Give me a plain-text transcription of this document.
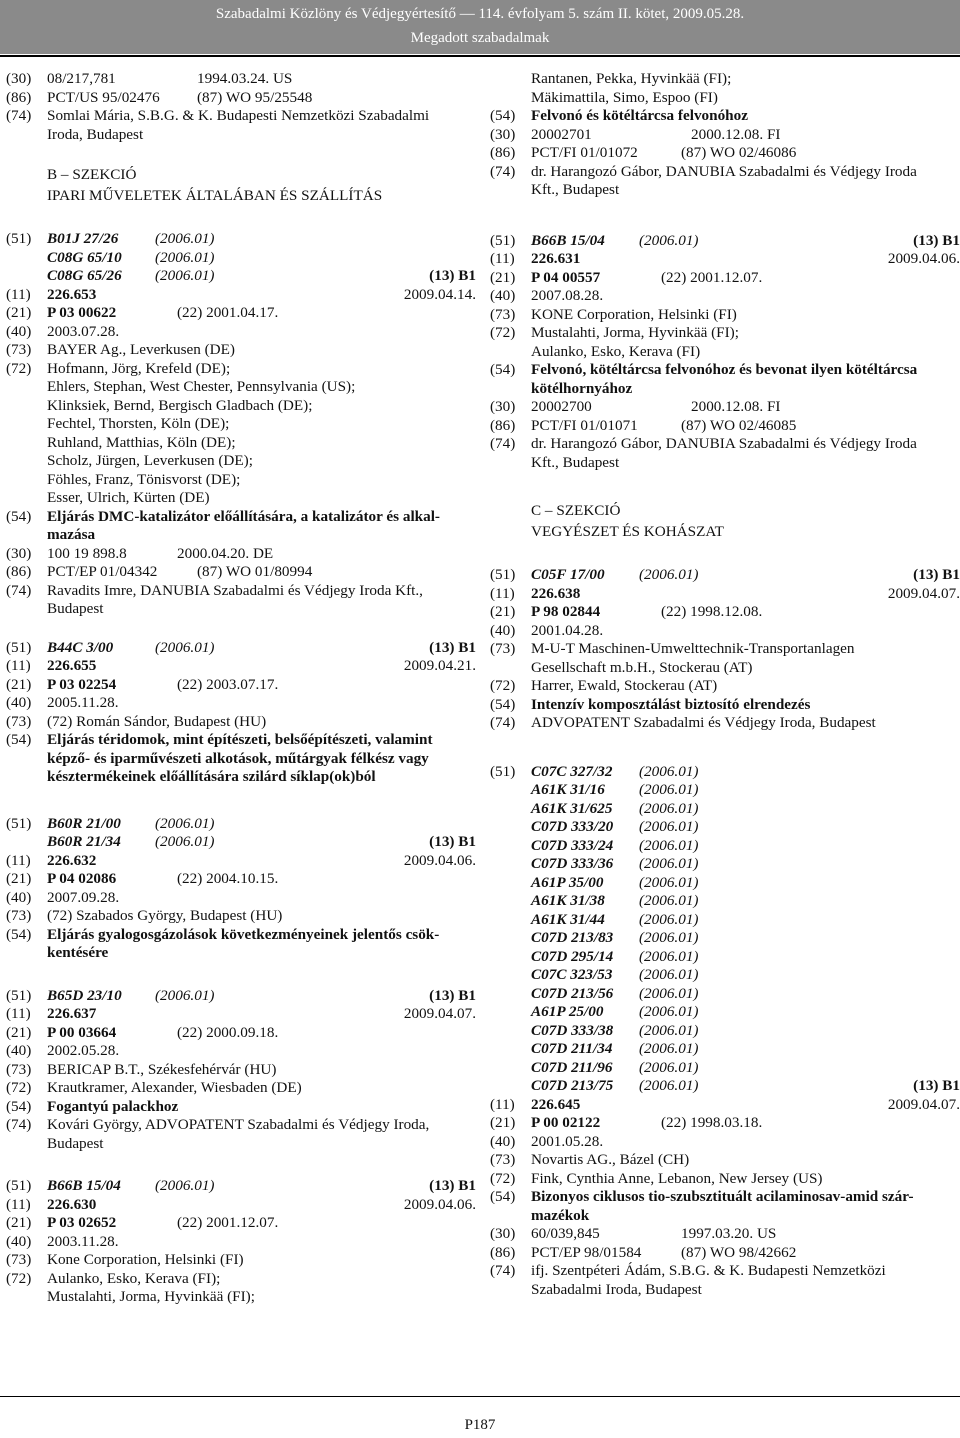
Szabadalmi Közlöny és Védjegyértesítő — 114. évfolyam 5. szám II. kötet, 2009.05.28.
Megadott szabadalmak
(30)	08/217,781	1994.03.24. US
(86)	PCT/US 95/02476 (87) WO 95/25548
(74)	Somlai Mária, S.B.G. & K. Budapesti Nemzetközi Szabadalmi
Iroda, Budapest
B – SZEKCIÓ
IPARI MŰVELETEK ÁLTALÁBAN ÉS SZÁLLÍTÁS
(51)	B01J 27/26	(2006.01)
C08G 65/10	(2006.01)
C08G 65/26	(2006.01)	(13) B1
(11)	226.653	2009.04.14.
(21)	P 03 00622	(22) 2001.04.17.
(40)	2003.07.28.
(73)	BAYER Ag., Leverkusen (DE)
(72)	Hofmann, Jörg, Krefeld (DE);
Ehlers, Stephan, West Chester, Pennsylvania (US);
Klinksiek, Bernd, Bergisch Gladbach (DE);
Fechtel, Thorsten, Köln (DE);
Ruhland, Matthias, Köln (DE);
Scholz, Jürgen, Leverkusen (DE);
Föhles, Franz, Tönisvorst (DE);
Esser, Ulrich, Kürten (DE)
(54)	Eljárás DMC-katalizátor előállítására, a katalizátor és alkal-
mazása
(30)	100 19 898.8	2000.04.20. DE
(86)	PCT/EP 01/04342	(87) WO 01/80994
(74)	Ravadits Imre, DANUBIA Szabadalmi és Védjegy Iroda Kft.,
Budapest
(51)	B44C 3/00	(2006.01)	(13) B1
(11)	226.655	2009.04.21.
(21)	P 03 02254	(22) 2003.07.17.
(40)	2005.11.28.
(73)	(72) Román Sándor, Budapest (HU)
(54)	Eljárás téridomok, mint építészeti, belsőépítészeti, valamint
képző- és iparművészeti alkotások, műtárgyak félkész vagy
késztermékeinek előállítására szilárd síklap(ok)ból
(51)	B60R 21/00	(2006.01)
B60R 21/34	(2006.01)	(13) B1
(11)	226.632	2009.04.06.
(21)	P 04 02086	(22) 2004.10.15.
(40)	2007.09.28.
(73)	(72) Szabados György, Budapest (HU)
(54)	Eljárás gyalogosgázolások következményeinek jelentős csök-
kentésére
(51)	B65D 23/10	(2006.01)	(13) B1
(11)	226.637	2009.04.07.
(21)	P 00 03664	(22) 2000.09.18.
(40)	2002.05.28.
(73)	BERICAP B.T., Székesfehérvár (HU)
(72)	Krautkramer, Alexander, Wiesbaden (DE)
(54)	Fogantyú palackhoz
(74)	Kovári György, ADVOPATENT Szabadalmi és Védjegy Iroda,
Budapest
(51)	B66B 15/04	(2006.01)	(13) B1
(11)	226.630	2009.04.06.
(21)	P 03 02652	(22) 2001.12.07.
(40)	2003.11.28.
(73)	Kone Corporation, Helsinki (FI)
(72)	Aulanko, Esko, Kerava (FI);
Mustalahti, Jorma, Hyvinkää (FI);
Rantanen, Pekka, Hyvinkää (FI);
Mäkimattila, Simo, Espoo (FI)
(54)	Felvonó és kötéltárcsa felvonóhoz
(30)	20002701	2000.12.08. FI
(86)	PCT/FI 01/01072	(87) WO 02/46086
(74)	dr. Harangozó Gábor, DANUBIA Szabadalmi és Védjegy Iroda
Kft., Budapest
(51)	B66B 15/04	(2006.01)	(13) B1
(11)	226.631	2009.04.06.
(21)	P 04 00557	(22) 2001.12.07.
(40)	2007.08.28.
(73)	KONE Corporation, Helsinki (FI)
(72)	Mustalahti, Jorma, Hyvinkää (FI);
Aulanko, Esko, Kerava (FI)
(54)	Felvonó, kötéltárcsa felvonóhoz és bevonat ilyen kötéltárcsa
kötélhornyához
(30)	20002700	2000.12.08. FI
(86)	PCT/FI 01/01071	(87) WO 02/46085
(74)	dr. Harangozó Gábor, DANUBIA Szabadalmi és Védjegy Iroda
Kft., Budapest
C – SZEKCIÓ
VEGYÉSZET ÉS KOHÁSZAT
(51)	C05F 17/00	(2006.01)	(13) B1
(11)	226.638	2009.04.07.
(21)	P 98 02844	(22) 1998.12.08.
(40)	2001.04.28.
(73)	M-U-T Maschinen-Umwelttechnik-Transportanlagen
Gesellschaft m.b.H., Stockerau (AT)
(72)	Harrer, Ewald, Stockerau (AT)
(54)	Intenzív komposztálást biztosító elrendezés
(74)	ADVOPATENT Szabadalmi és Védjegy Iroda, Budapest
(51)	C07C 327/32	(2006.01)
A61K 31/16	(2006.01)
A61K 31/625	(2006.01)
C07D 333/20	(2006.01)
C07D 333/24	(2006.01)
C07D 333/36	(2006.01)
A61P 35/00	(2006.01)
A61K 31/38	(2006.01)
A61K 31/44	(2006.01)
C07D 213/83	(2006.01)
C07D 295/14	(2006.01)
C07C 323/53	(2006.01)
C07D 213/56	(2006.01)
A61P 25/00	(2006.01)
C07D 333/38	(2006.01)
C07D 211/34	(2006.01)
C07D 211/96	(2006.01)
C07D 213/75	(2006.01)	(13) B1
(11)	226.645	2009.04.07.
(21)	P 00 02122	(22) 1998.03.18.
(40)	2001.05.28.
(73)	Novartis AG., Bázel (CH)
(72)	Fink, Cynthia Anne, Lebanon, New Jersey (US)
(54)	Bizonyos ciklusos tio-szubsztituált acilaminosav-amid szár-
mazékok
(30)	60/039,845	1997.03.20. US
(86)	PCT/EP 98/01584	(87) WO 98/42662
(74)	ifj. Szentpéteri Ádám, S.B.G. & K. Budapesti Nemzetközi
Szabadalmi Iroda, Budapest
P187
